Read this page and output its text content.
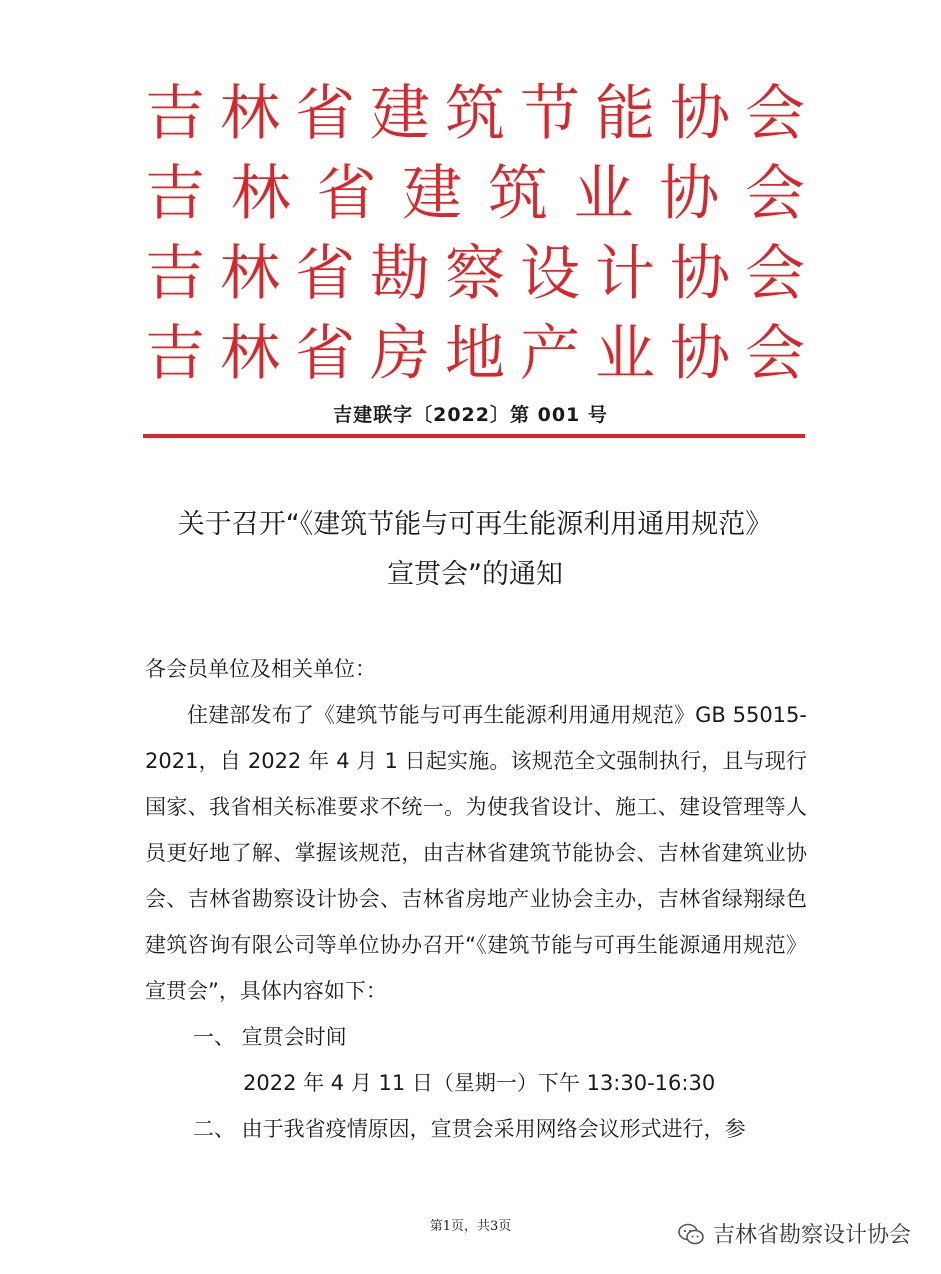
吉 林 省 建 筑 节 能 协 会
吉 林 省 建 筑 业 协 会
吉 林 省 勘 察 设 计 协 会
吉 林 省 房 地 产 业 协 会
吉建联字〔2022〕第 001 号
关于召开“《建筑节能与可再生能源利用通用规范》
宣贯会”的通知

各会员单位及相关单位：

住建部发布了《建筑节能与可再生能源利用通用规范》GB 55015-2021，自 2022 年 4 月 1 日起实施。该规范全文强制执行，且与现行国家、我省相关标准要求不统一。为使我省设计、施工、建设管理等人员更好地了解、掌握该规范，由吉林省建筑节能协会、吉林省建筑业协会、吉林省勘察设计协会、吉林省房地产业协会主办，吉林省绿翔绿色建筑咨询有限公司等单位协办召开“《建筑节能与可再生能源通用规范》宣贯会”，具体内容如下：

一、 宣贯会时间

2022 年 4 月 11 日（星期一）下午 13:30-16:30

二、 由于我省疫情原因，宣贯会采用网络会议形式进行，参

第1页，共3页	吉林省勘察设计协会
